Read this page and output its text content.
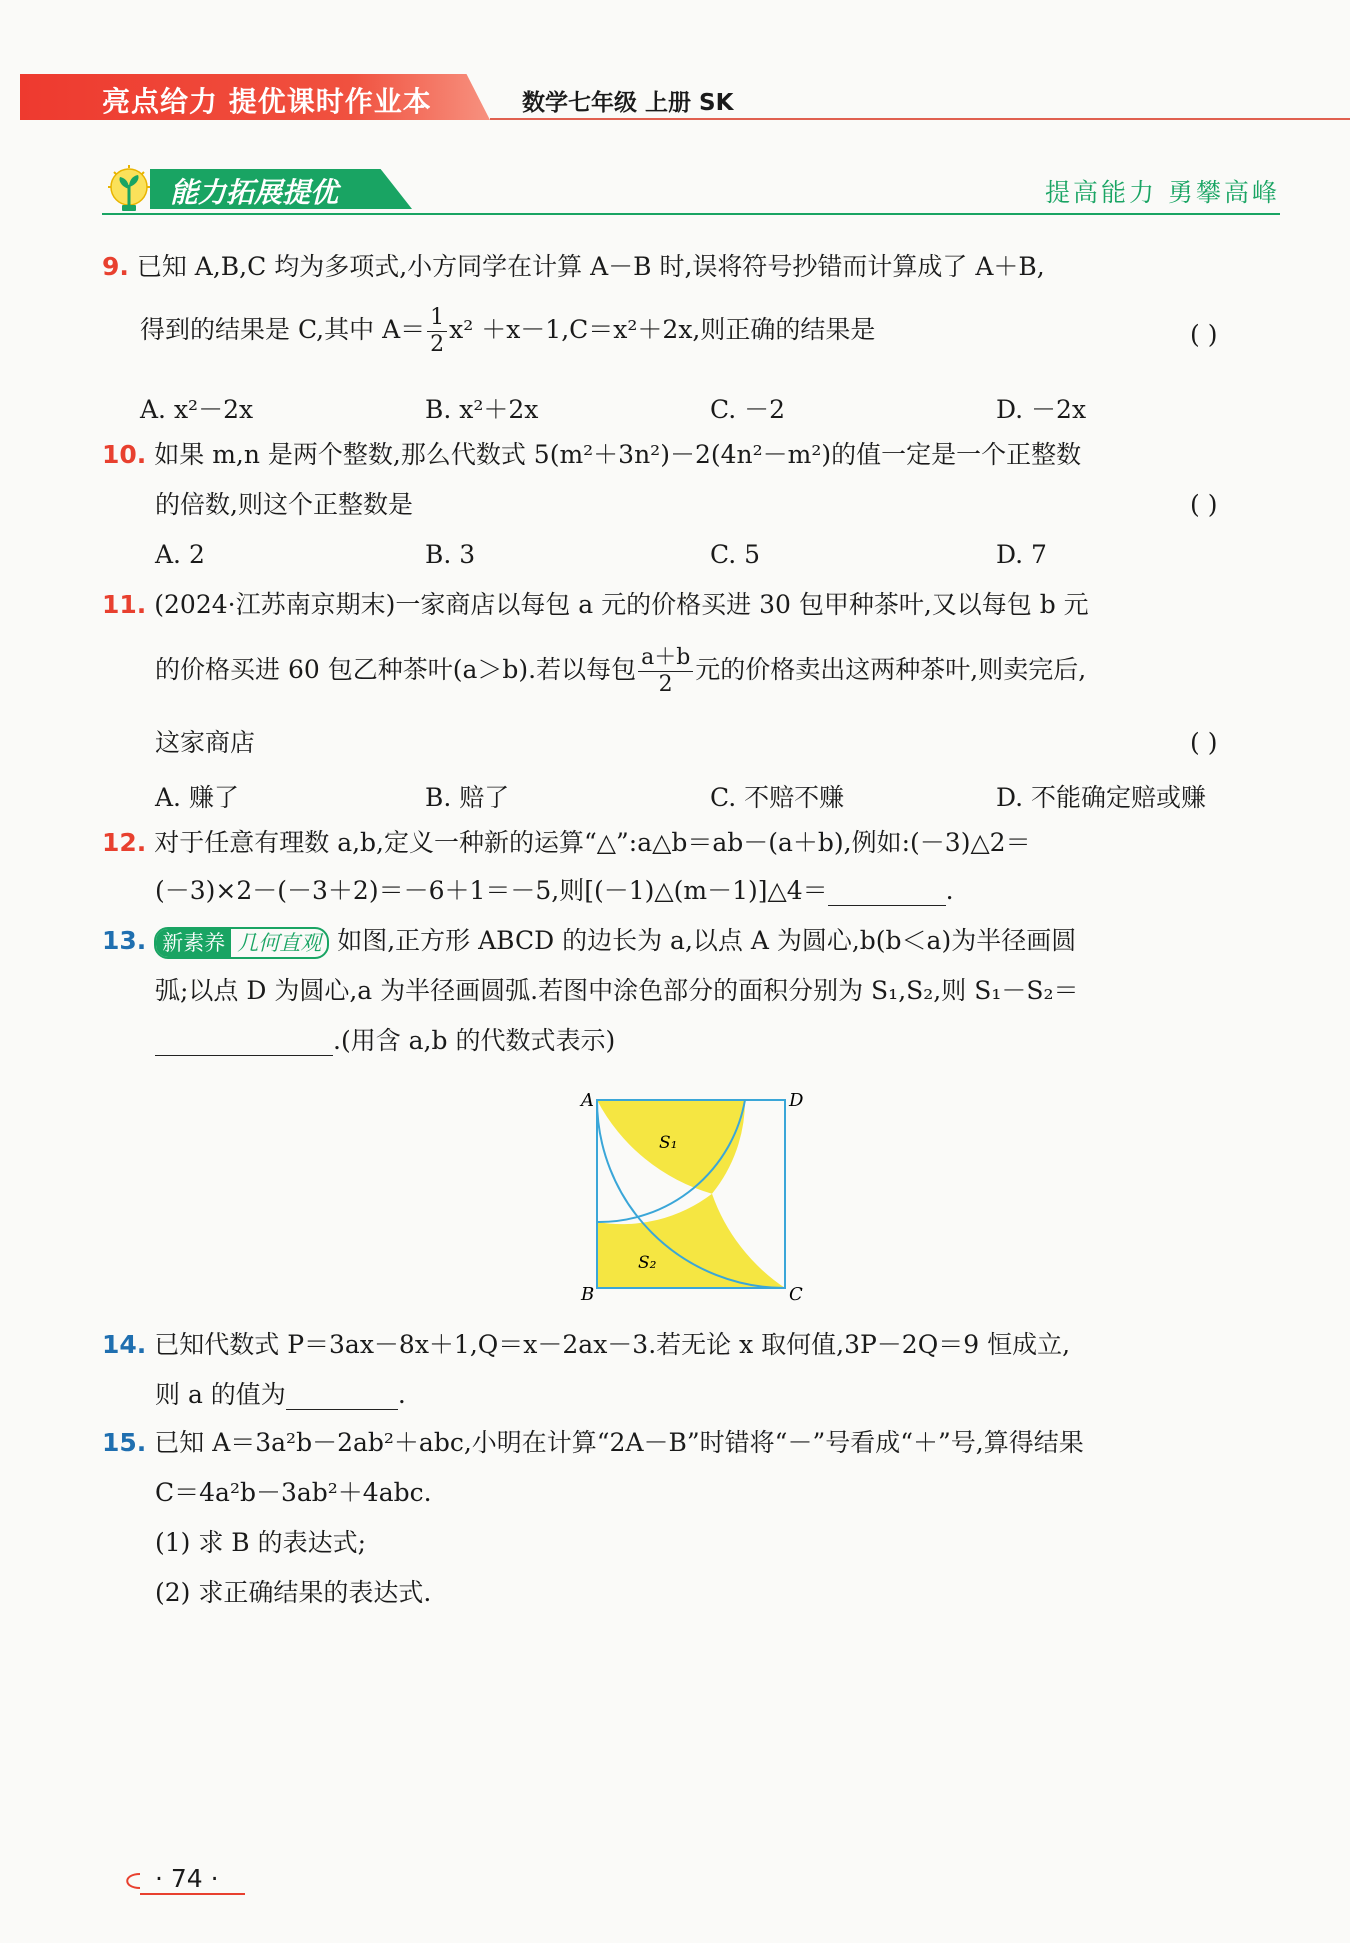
亮点给力 提优课时作业本	数学七年级 上册 SK
能力拓展提优	提高能力 勇攀高峰
9. 已知 A,B,C 均为多项式,小方同学在计算 A－B 时,误将符号抄错而计算成了 A＋B,
得到的结果是 C,其中 $A= \frac{1}{2} x^2 +x-1,C=x^2+2x$,则正确的结果是	( )
A. x²－2x	B. x²＋2x	C. －2	D. －2x
10. 如果 m,n 是两个整数,那么代数式 5(m²＋3n²)－2(4n²－m²)的值一定是一个正整数
的倍数,则这个正整数是	( )
A. 2	B. 3	C. 5	D. 7
11. (2024·江苏南京期末)一家商店以每包 a 元的价格买进 30 包甲种茶叶,又以每包 b 元
的价格买进 60 包乙种茶叶(a＞b).若以每包 $\frac{a+b}{2}$ 元的价格卖出这两种茶叶,则卖完后,
这家商店	( )
A. 赚了	B. 赔了	C. 不赔不赚	D. 不能确定赔或赚
12. 对于任意有理数 a,b,定义一种新的运算“△”:a△b＝ab－(a＋b),例如:(－3)△2＝
(－3)×2－(－3＋2)＝－6＋1＝－5,则[(－1)△(m－1)]△4＝	.
13. 新素养 几何直观 如图,正方形 ABCD 的边长为 a,以点 A 为圆心,b(b＜a)为半径画圆
弧;以点 D 为圆心,a 为半径画圆弧.若图中涂色部分的面积分别为 S₁,S₂,则 S₁－S₂＝
.(用含 a,b 的代数式表示)
A	D
B	C
S₁
S₂
14. 已知代数式 P＝3ax－8x＋1,Q＝x－2ax－3.若无论 x 取何值,3P－2Q＝9 恒成立,
则 a 的值为	.
15. 已知 A＝3a²b－2ab²＋abc,小明在计算“2A－B”时错将“－”号看成“＋”号,算得结果
C＝4a²b－3ab²＋4abc.
(1) 求 B 的表达式;
(2) 求正确结果的表达式.
· 74 ·
